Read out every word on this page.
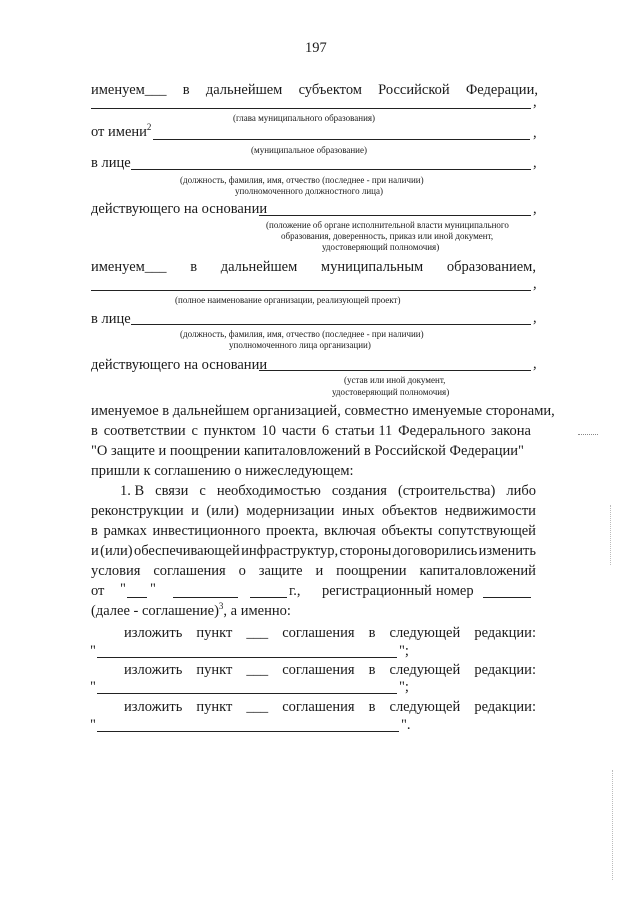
197
именуем___ в дальнейшем субъектом Российской Федерации,
,
(глава муниципального образования)
от имени$^2$	,
(муниципальное образование)
в лице	,
(должность, фамилия, имя, отчество (последнее - при наличии)
уполномоченного должностного лица)
действующего на основании	,
(положение об органе исполнительной власти муниципального
образования, доверенность, приказ или иной документ,
удостоверяющий полномочия)
именуем___ в дальнейшем муниципальным образованием,
,
(полное наименование организации, реализующей проект)
в лице	,
(должность, фамилия, имя, отчество (последнее - при наличии)
уполномоченного лица организации)
действующего на основании	,
(устав или иной документ,
удостоверяющий полномочия)
именуемое в дальнейшем организацией, совместно именуемые сторонами,
в соответствии с пунктом 10 части 6 статьи 11 Федерального закона
"О защите и поощрении капиталовложений в Российской Федерации"
пришли к соглашению о нижеследующем:
1. В связи с необходимостью создания (строительства) либо
реконструкции и (или) модернизации иных объектов недвижимости
в рамках инвестиционного проекта, включая объекты сопутствующей
и (или) обеспечивающей инфраструктур, стороны договорились изменить
условия соглашения о защите и поощрении капиталовложений
от " "	г., регистрационный номер
(далее - соглашение)$^3$, а именно:
изложить пункт ___ соглашения в следующей редакции:
"	";
изложить пункт ___ соглашения в следующей редакции:
"	";
изложить пункт ___ соглашения в следующей редакции:
"	".
